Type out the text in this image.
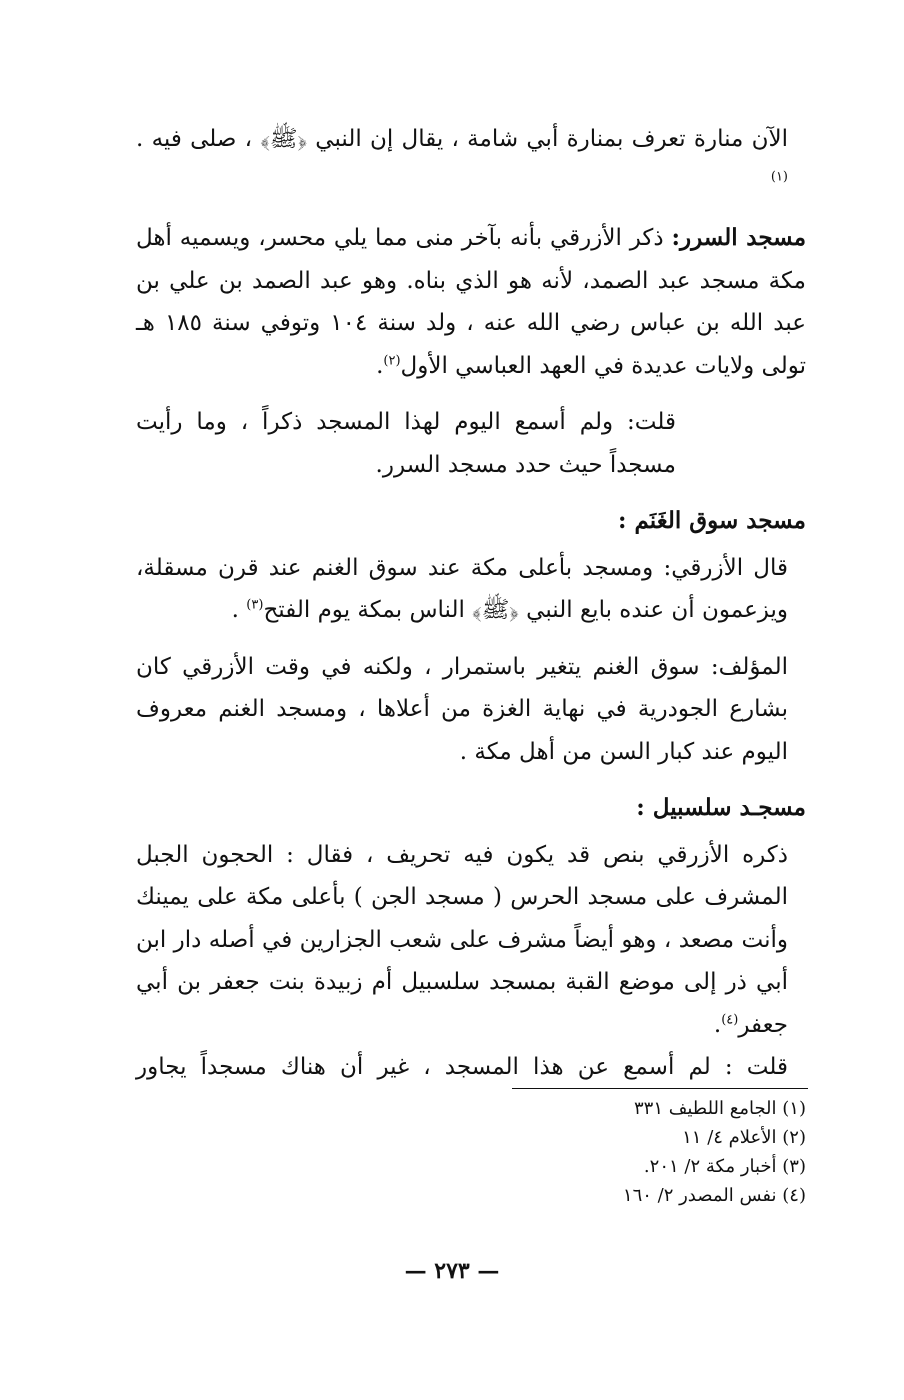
الآن منارة تعرف بمنارة أبي شامة ، يقال إن النبي ﴿ﷺ﴾ ، صلى فيه .$^{(١)}$

مسجد السرر: ذكر الأزرقي بأنه بآخر منى مما يلي محسر، ويسميه أهل مكة مسجد عبد الصمد، لأنه هو الذي بناه. وهو عبد الصمد بن علي بن عبد الله بن عباس رضي الله عنه ، ولد سنة ١٠٤ وتوفي سنة ١٨٥ هـ تولى ولايات عديدة في العهد العباسي الأول$^{(٢)}$.

قلت: ولم أسمع اليوم لهذا المسجد ذكراً ، وما رأيت مسجداً حيث حدد مسجد السرر.

مسجد سوق الغَنَم :

قال الأزرقي: ومسجد بأعلى مكة عند سوق الغنم عند قرن مسقلة، ويزعمون أن عنده بايع النبي ﴿ﷺ﴾ الناس بمكة يوم الفتح$^{(٣)}$ .

المؤلف: سوق الغنم يتغير باستمرار ، ولكنه في وقت الأزرقي كان بشارع الجودرية في نهاية الغزة من أعلاها ، ومسجد الغنم معروف اليوم عند كبار السن من أهل مكة .

مسجـد سلسبيل :

ذكره الأزرقي بنص قد يكون فيه تحريف ، فقال : الحجون الجبل المشرف على مسجد الحرس ( مسجد الجن ) بأعلى مكة على يمينك وأنت مصعد ، وهو أيضاً مشرف على شعب الجزارين في أصله دار ابن أبي ذر إلى موضع القبة بمسجد سلسبيل أم زبيدة بنت جعفر بن أبي جعفر$^{(٤)}$.

قلت : لم أسمع عن هذا المسجد ، غير أن هناك مسجداً يجاور

(١) الجامع اللطيف ٣٣١
(٢) الأعلام ٤/ ١١
(٣) أخبار مكة ٢/ ٢٠١.
(٤) نفس المصدر ٢/ ١٦٠
— ٢٧٣ —
